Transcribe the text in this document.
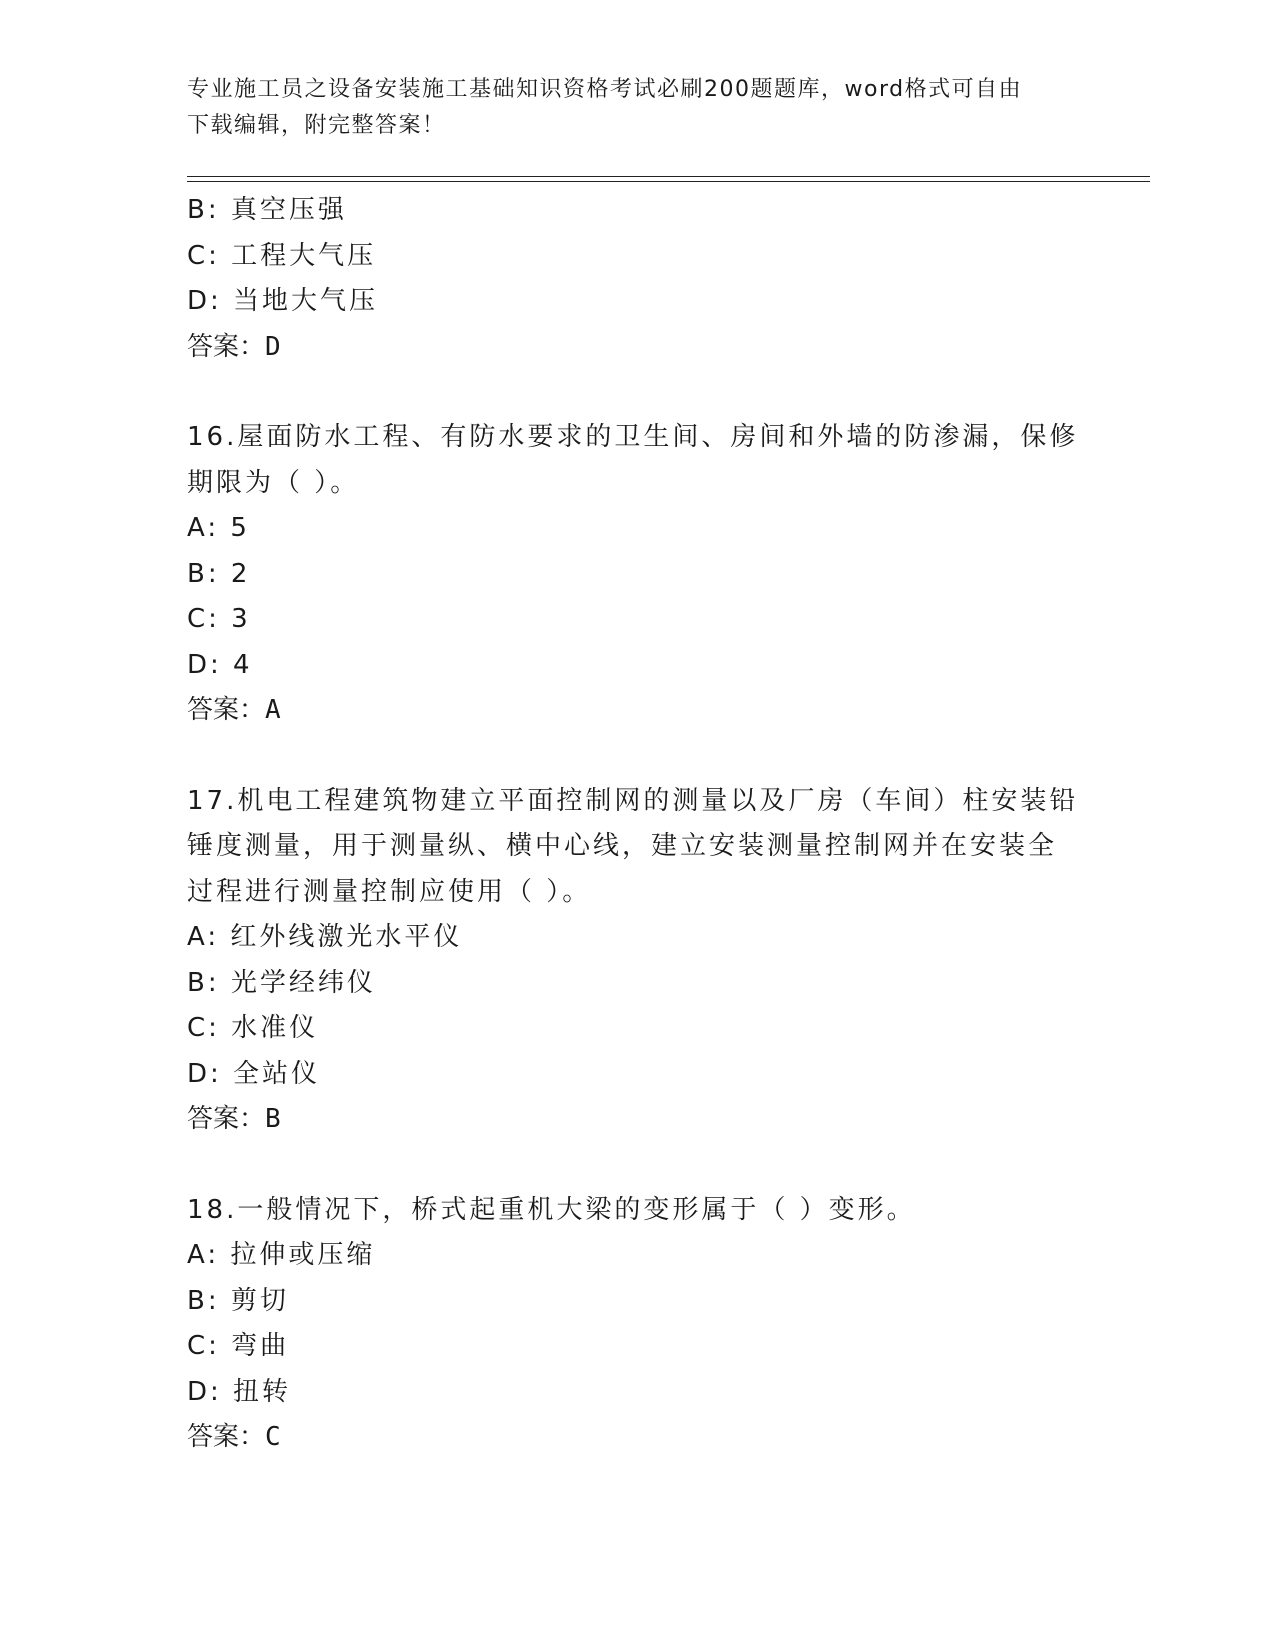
专业施工员之设备安装施工基础知识资格考试必刷200题题库，word格式可自由
下载编辑，附完整答案！
B: 真空压强
C: 工程大气压
D: 当地大气压
答案：D
16.屋面防水工程、有防水要求的卫生间、房间和外墙的防渗漏，保修
期限为（ ）。
A: 5
B: 2
C: 3
D: 4
答案：A
17.机电工程建筑物建立平面控制网的测量以及厂房（车间）柱安装铅
锤度测量，用于测量纵、横中心线，建立安装测量控制网并在安装全
过程进行测量控制应使用（ ）。
A: 红外线激光水平仪
B: 光学经纬仪
C: 水准仪
D: 全站仪
答案：B
18.一般情况下，桥式起重机大梁的变形属于（ ）变形。
A: 拉伸或压缩
B: 剪切
C: 弯曲
D: 扭转
答案：C
